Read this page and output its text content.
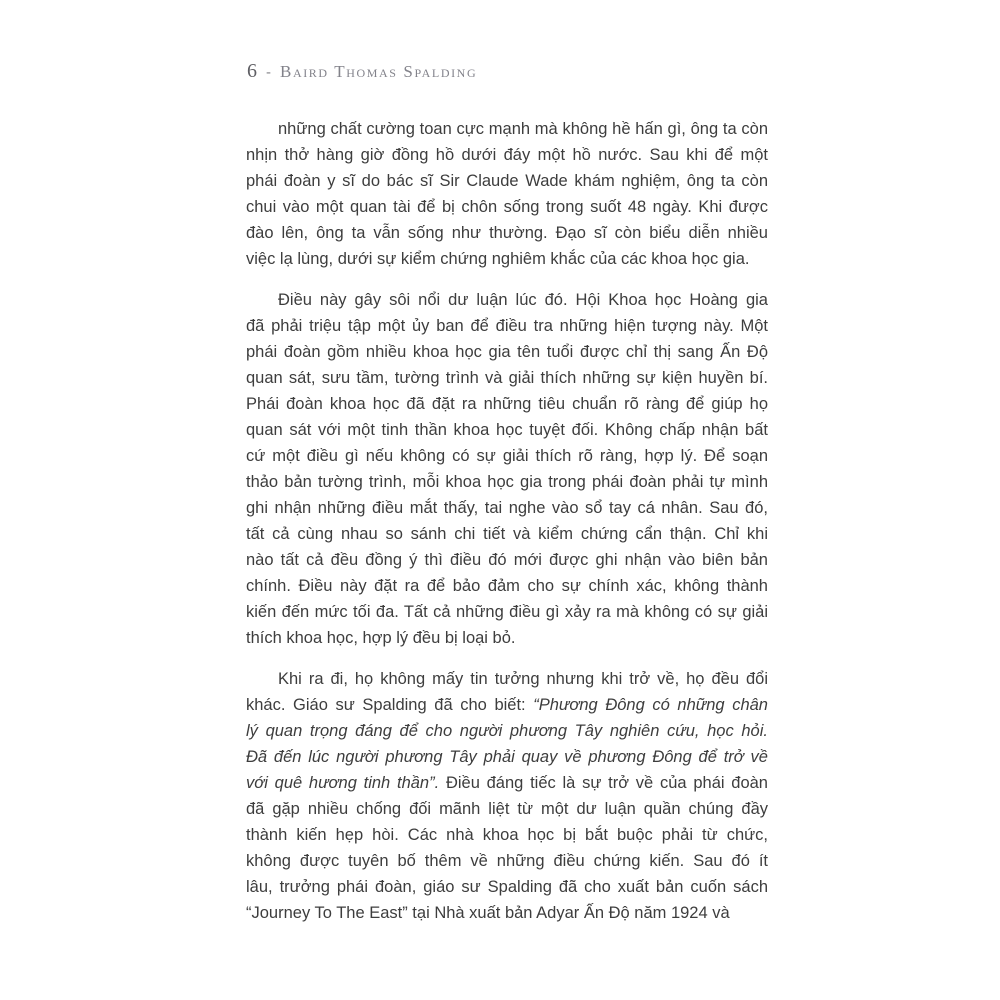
6 - Baird Thomas Spalding
những chất cường toan cực mạnh mà không hề hấn gì, ông ta còn
nhịn thở hàng giờ đồng hồ dưới đáy một hồ nước. Sau khi để một
phái đoàn y sĩ do bác sĩ Sir Claude Wade khám nghiệm, ông ta còn
chui vào một quan tài để bị chôn sống trong suốt 48 ngày. Khi được
đào lên, ông ta vẫn sống như thường. Đạo sĩ còn biểu diễn nhiều
việc lạ lùng, dưới sự kiểm chứng nghiêm khắc của các khoa học gia.
Điều này gây sôi nổi dư luận lúc đó. Hội Khoa học Hoàng gia
đã phải triệu tập một ủy ban để điều tra những hiện tượng này. Một
phái đoàn gồm nhiều khoa học gia tên tuổi được chỉ thị sang Ấn Độ
quan sát, sưu tầm, tường trình và giải thích những sự kiện huyền bí.
Phái đoàn khoa học đã đặt ra những tiêu chuẩn rõ ràng để giúp họ
quan sát với một tinh thần khoa học tuyệt đối. Không chấp nhận bất
cứ một điều gì nếu không có sự giải thích rõ ràng, hợp lý. Để soạn
thảo bản tường trình, mỗi khoa học gia trong phái đoàn phải tự mình
ghi nhận những điều mắt thấy, tai nghe vào sổ tay cá nhân. Sau đó,
tất cả cùng nhau so sánh chi tiết và kiểm chứng cẩn thận. Chỉ khi
nào tất cả đều đồng ý thì điều đó mới được ghi nhận vào biên bản
chính. Điều này đặt ra để bảo đảm cho sự chính xác, không thành
kiến đến mức tối đa. Tất cả những điều gì xảy ra mà không có sự giải
thích khoa học, hợp lý đều bị loại bỏ.
Khi ra đi, họ không mấy tin tưởng nhưng khi trở về, họ đều đổi
khác. Giáo sư Spalding đã cho biết: “Phương Đông có những chân
lý quan trọng đáng để cho người phương Tây nghiên cứu, học hỏi.
Đã đến lúc người phương Tây phải quay về phương Đông để trở về
với quê hương tinh thần”. Điều đáng tiếc là sự trở về của phái đoàn
đã gặp nhiều chống đối mãnh liệt từ một dư luận quần chúng đầy
thành kiến hẹp hòi. Các nhà khoa học bị bắt buộc phải từ chức,
không được tuyên bố thêm về những điều chứng kiến. Sau đó ít
lâu, trưởng phái đoàn, giáo sư Spalding đã cho xuất bản cuốn sách
“Journey To The East” tại Nhà xuất bản Adyar Ấn Độ năm 1924 và
